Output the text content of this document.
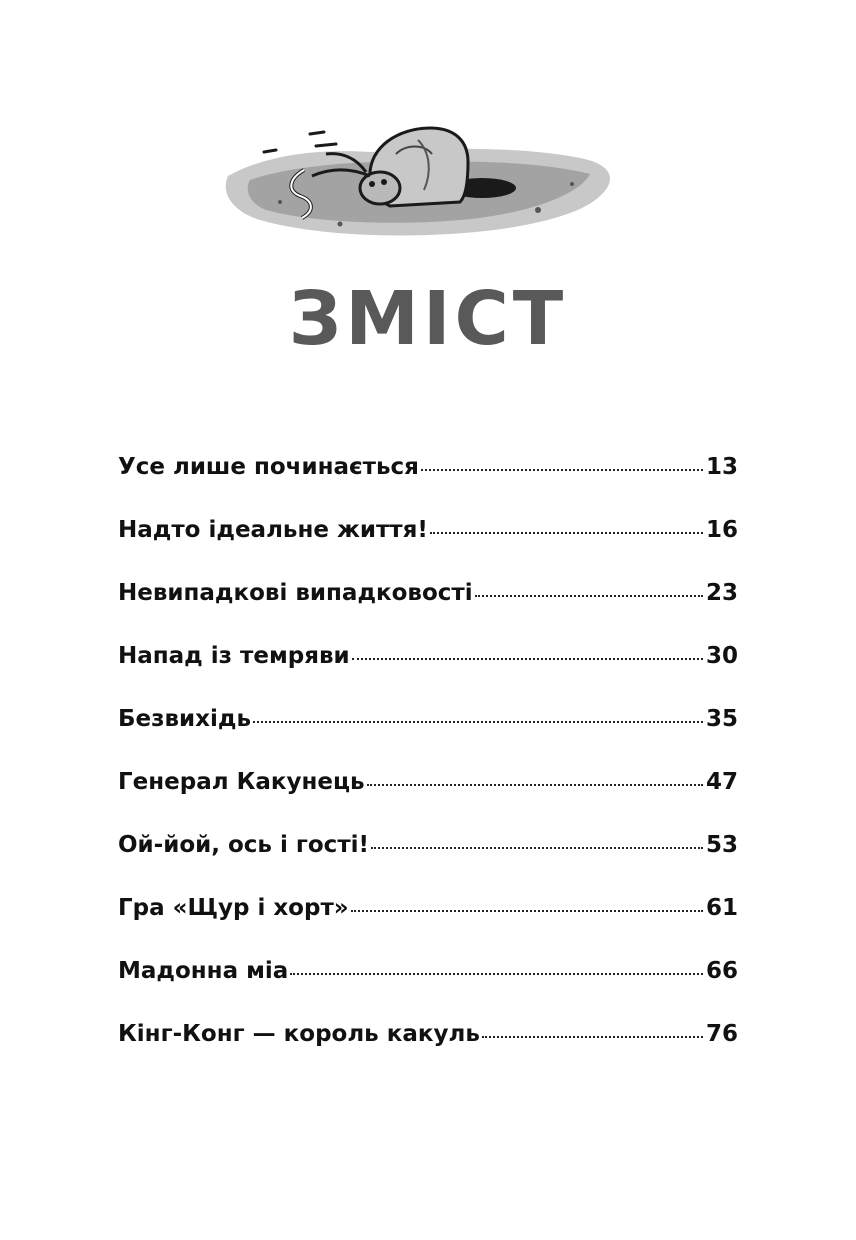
ЗМІСТ
Усе лише починається	13
Надто ідеальне життя!	16
Невипадкові випадковості	23
Напад із темряви	30
Безвихідь	35
Генерал Какунець	47
Ой-йой, ось і гості!	53
Гра «Щур і хорт»	61
Мадонна міа	66
Кінг-Конг — король какуль	76
